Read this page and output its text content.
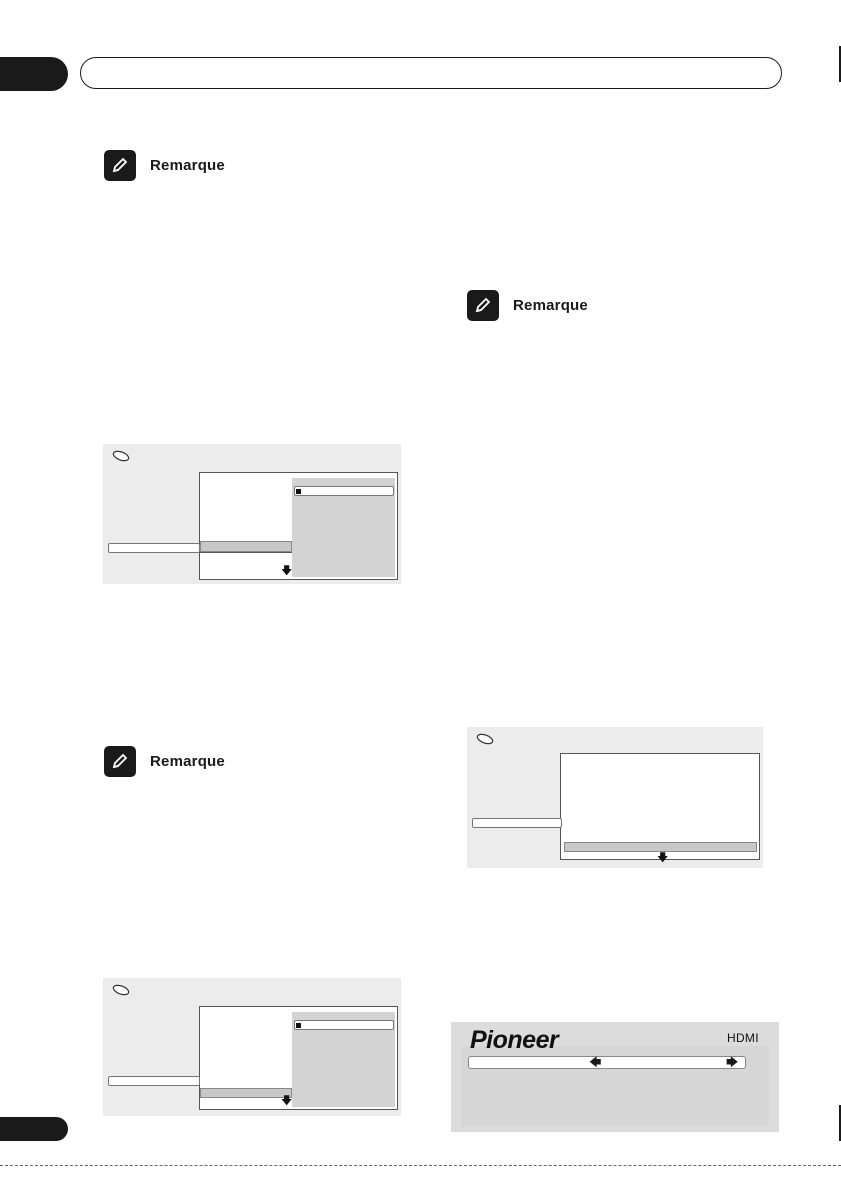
Remarque
Remarque
Remarque
🡇
🡇
🡇
🡄	🡆
Pioneer	HDMI
